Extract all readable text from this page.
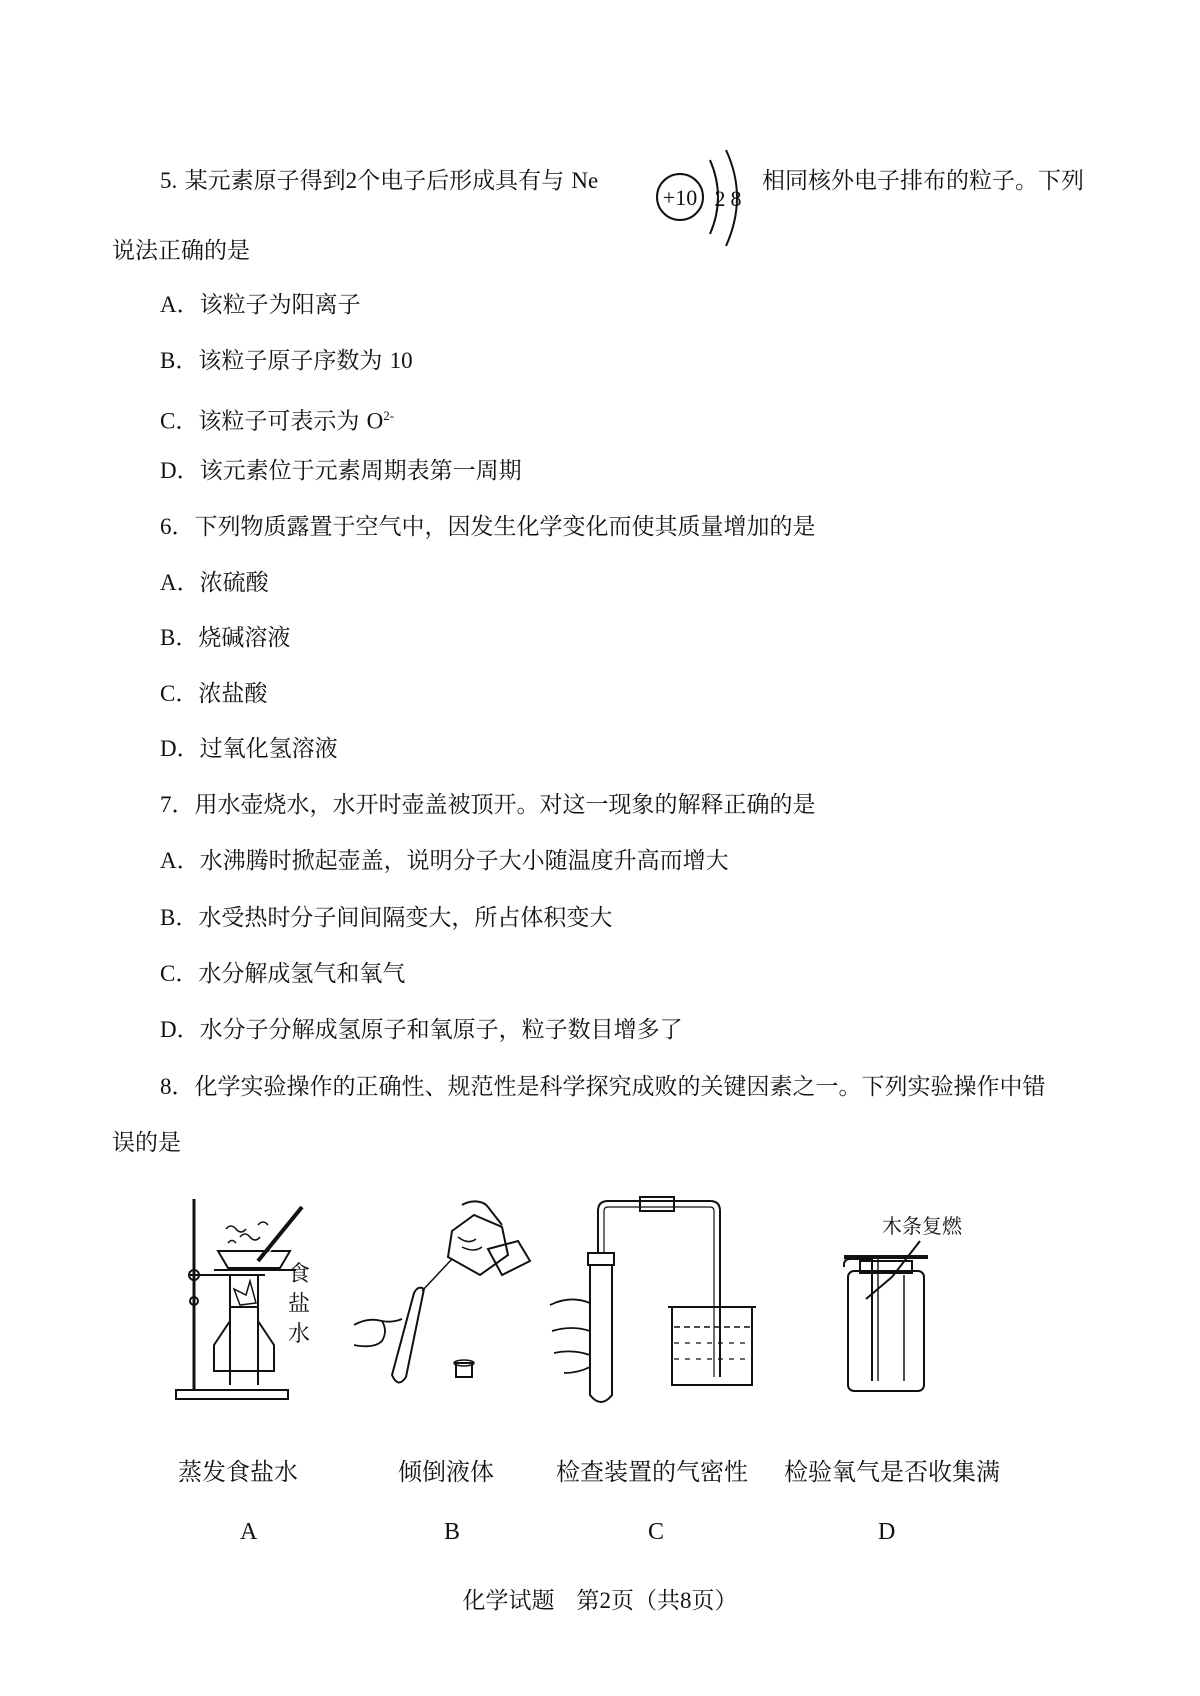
5. 某元素原子得到2个电子后形成具有与 Ne
+10 2 8
相同核外电子排布的粒子。下列
说法正确的是
A．该粒子为阳离子
B．该粒子原子序数为 10
C．该粒子可表示为 $O^{2-}$
D．该元素位于元素周期表第一周期
6．下列物质露置于空气中，因发生化学变化而使其质量增加的是
A．浓硫酸
B．烧碱溶液
C．浓盐酸
D．过氧化氢溶液
7．用水壶烧水，水开时壶盖被顶开。对这一现象的解释正确的是
A．水沸腾时掀起壶盖，说明分子大小随温度升高而增大
B．水受热时分子间间隔变大，所占体积变大
C．水分解成氢气和氧气
D．水分子分解成氢原子和氧原子，粒子数目增多了
8．化学实验操作的正确性、规范性是科学探究成败的关键因素之一。下列实验操作中错
误的是
食盐水
木条复燃
蒸发食盐水	倾倒液体	检查装置的气密性 检验氧气是否收集满
A	B	C	D
化学试题 第2页（共8页）
